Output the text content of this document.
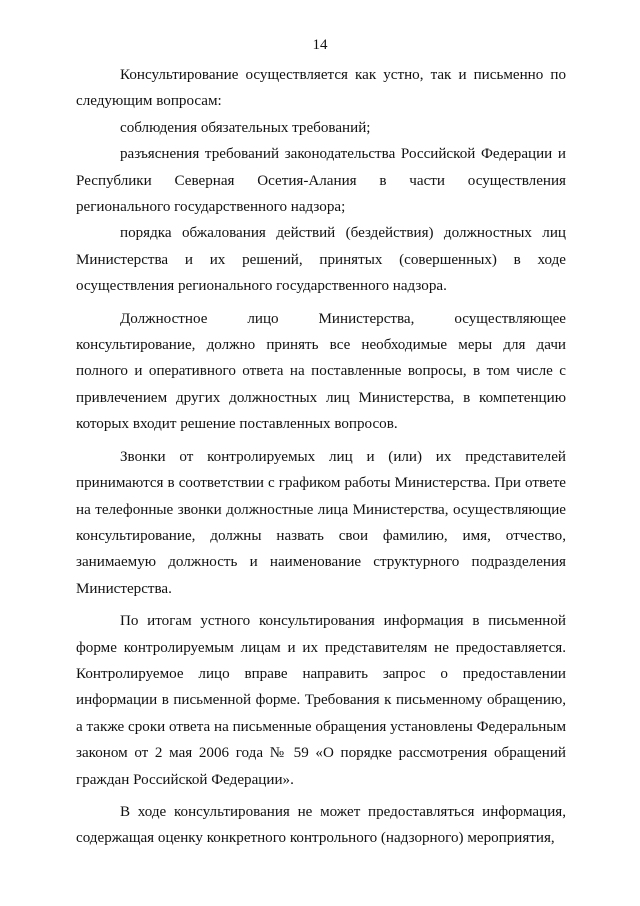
14

Консультирование осуществляется как устно, так и письменно по следующим вопросам:

соблюдения обязательных требований;

разъяснения требований законодательства Российской Федерации и Республики Северная Осетия-Алания в части осуществления регионального государственного надзора;

порядка обжалования действий (бездействия) должностных лиц Министерства и их решений, принятых (совершенных) в ходе осуществления регионального государственного надзора.

Должностное лицо Министерства, осуществляющее консультирование, должно принять все необходимые меры для дачи полного и оперативного ответа на поставленные вопросы, в том числе с привлечением других должностных лиц Министерства, в компетенцию которых входит решение поставленных вопросов.

Звонки от контролируемых лиц и (или) их представителей принимаются в соответствии с графиком работы Министерства. При ответе на телефонные звонки должностные лица Министерства, осуществляющие консультирование, должны назвать свои фамилию, имя, отчество, занимаемую должность и наименование структурного подразделения Министерства.

По итогам устного консультирования информация в письменной форме контролируемым лицам и их представителям не предоставляется. Контролируемое лицо вправе направить запрос о предоставлении информации в письменной форме. Требования к письменному обращению, а также сроки ответа на письменные обращения установлены Федеральным законом от 2 мая 2006 года № 59 «О порядке рассмотрения обращений граждан Российской Федерации».

В ходе консультирования не может предоставляться информация, содержащая оценку конкретного контрольного (надзорного) мероприятия,
